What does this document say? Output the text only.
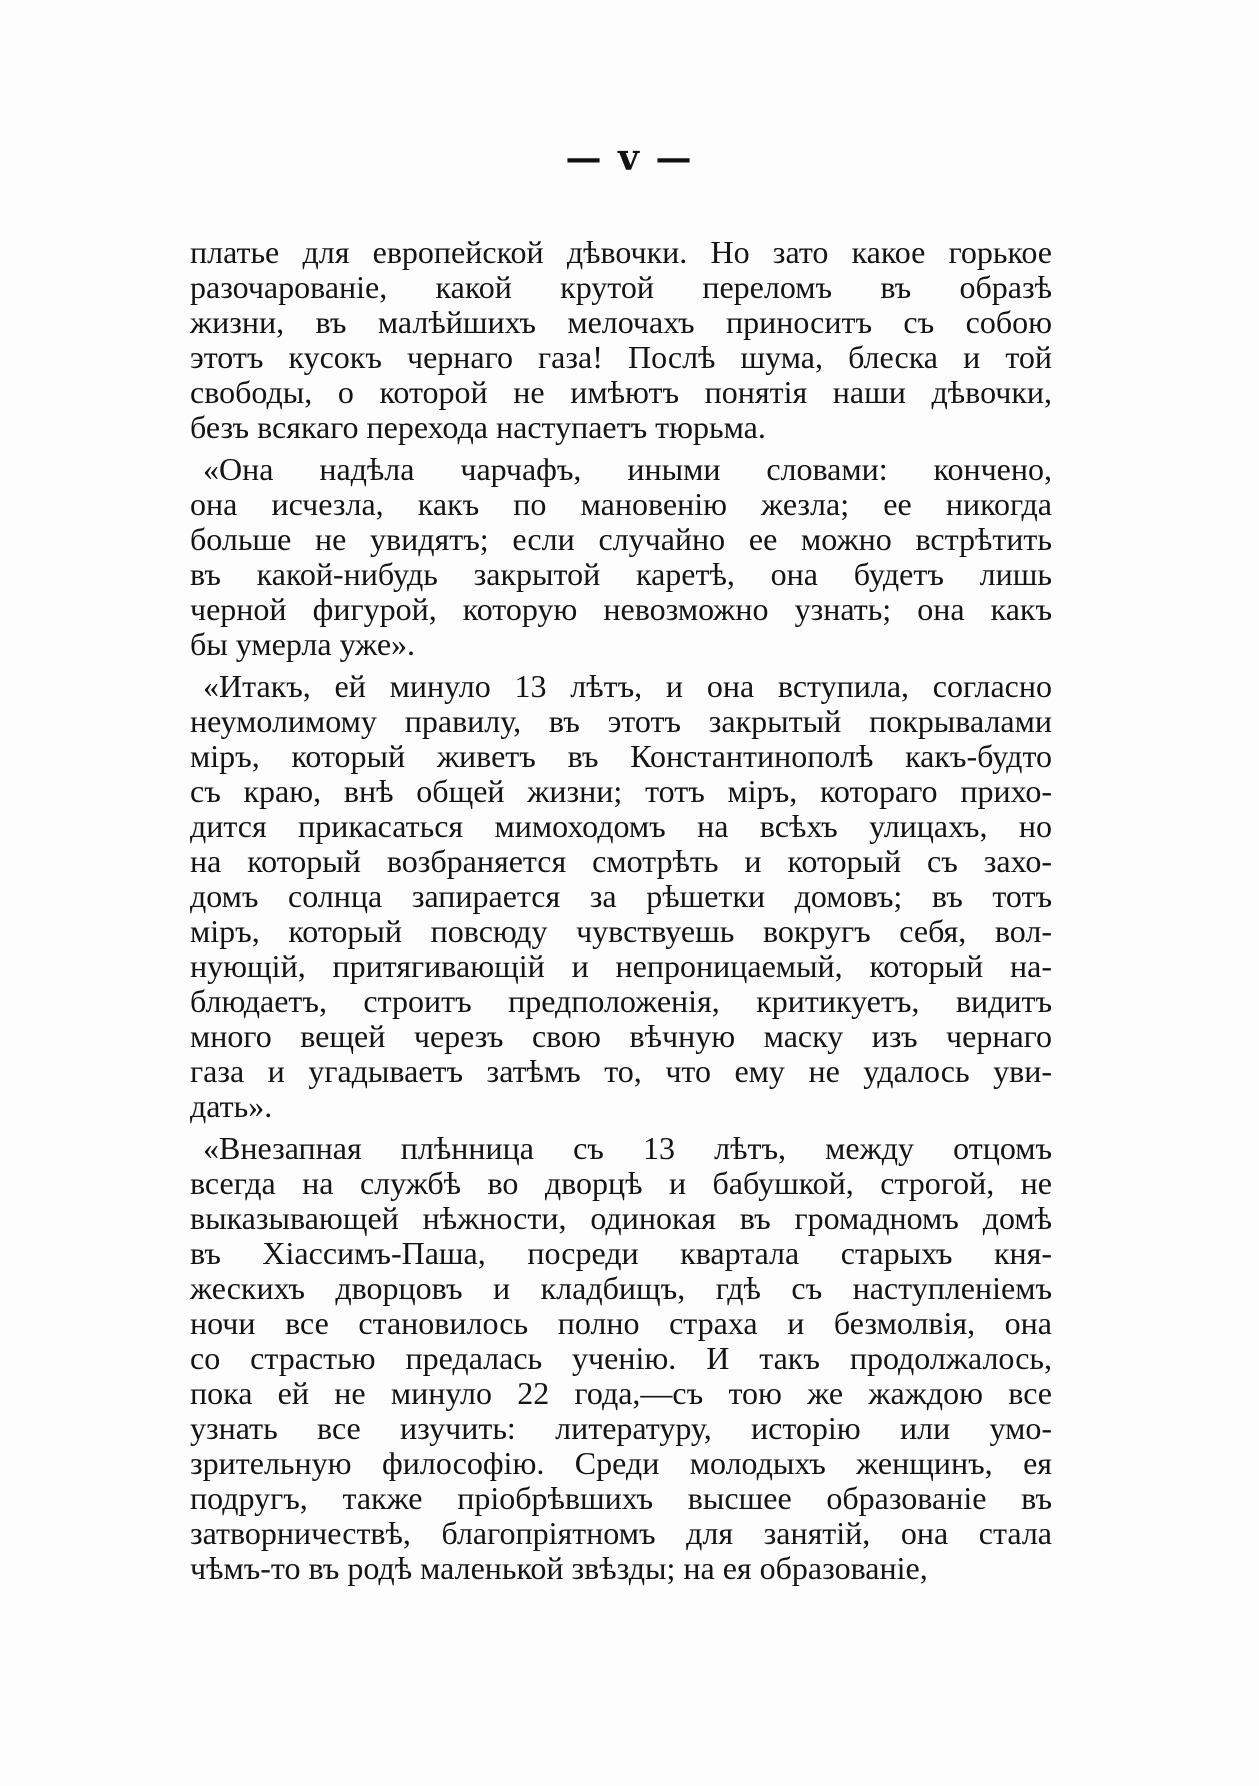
— ⅴ —
платье для европейской дѣвочки. Но зато какое горькое
разочарованіе, какой крутой переломъ въ образѣ
жизни, въ малѣйшихъ мелочахъ приноситъ съ собою
этотъ кусокъ чернаго газа! Послѣ шума, блеска и той
свободы, о которой не имѣютъ понятія наши дѣвочки,
безъ всякаго перехода наступаетъ тюрьма.
«Она надѣла чарчафъ, иными словами: кончено,
она исчезла, какъ по мановенію жезла; ее никогда
больше не увидятъ; если случайно ее можно встрѣтить
въ какой-нибудь закрытой каретѣ, она будетъ лишь
черной фигурой, которую невозможно узнать; она какъ
бы умерла уже».
«Итакъ, ей минуло 13 лѣтъ, и она вступила, согласно
неумолимому правилу, въ этотъ закрытый покрывалами
міръ, который живетъ въ Константинополѣ какъ-будто
съ краю, внѣ общей жизни; тотъ міръ, котораго прихо-
дится прикасаться мимоходомъ на всѣхъ улицахъ, но
на который возбраняется смотрѣть и который съ захо-
домъ солнца запирается за рѣшетки домовъ; въ тотъ
міръ, который повсюду чувствуешь вокругъ себя, вол-
нующій, притягивающій и непроницаемый, который на-
блюдаетъ, строитъ предположенія, критикуетъ, видитъ
много вещей черезъ свою вѣчную маску изъ чернаго
газа и угадываетъ затѣмъ то, что ему не удалось уви-
дать».
«Внезапная плѣнница съ 13 лѣтъ, между отцомъ
всегда на службѣ во дворцѣ и бабушкой, строгой, не
выказывающей нѣжности, одинокая въ громадномъ домѣ
въ Хіассимъ-Паша, посреди квартала старыхъ кня-
жескихъ дворцовъ и кладбищъ, гдѣ съ наступленіемъ
ночи все становилось полно страха и безмолвія, она
со страстью предалась ученію. И такъ продолжалось,
пока ей не минуло 22 года,—съ тою же жаждою все
узнать все изучить: литературу, исторію или умо-
зрительную философію. Среди молодыхъ женщинъ, ея
подругъ, также пріобрѣвшихъ высшее образованіе въ
затворничествѣ, благопріятномъ для занятій, она стала
чѣмъ-то въ родѣ маленькой звѣзды; на ея образованіе,
